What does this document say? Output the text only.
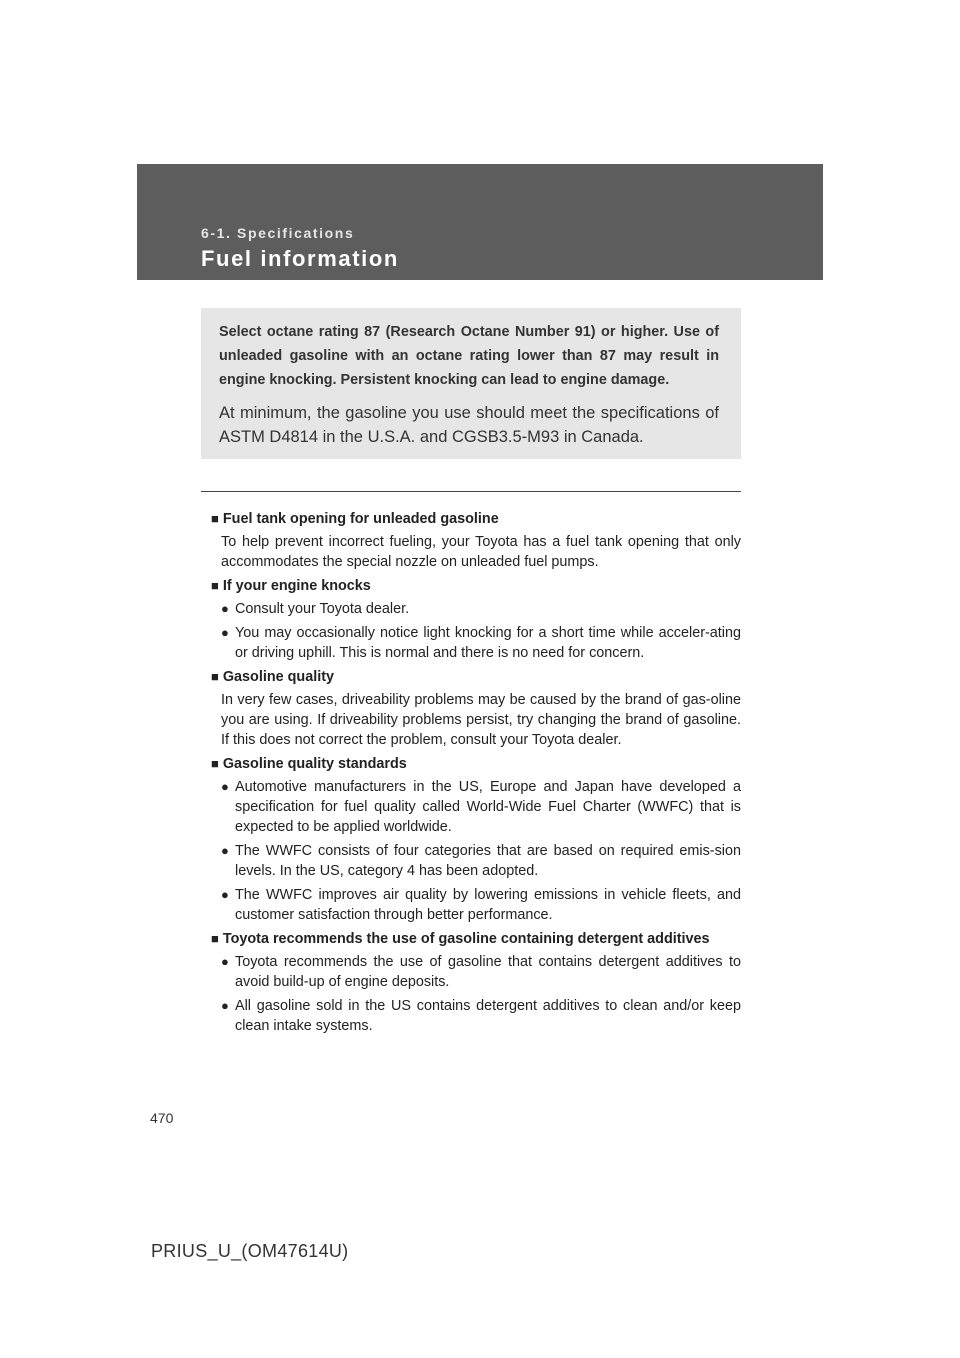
6-1. Specifications
Fuel information

Select octane rating 87 (Research Octane Number 91) or higher. Use of unleaded gasoline with an octane rating lower than 87 may result in engine knocking. Persistent knocking can lead to engine damage.

At minimum, the gasoline you use should meet the specifications of ASTM D4814 in the U.S.A. and CGSB3.5-M93 in Canada.

■ Fuel tank opening for unleaded gasoline

To help prevent incorrect fueling, your Toyota has a fuel tank opening that only accommodates the special nozzle on unleaded fuel pumps.

■ If your engine knocks
● Consult your Toyota dealer.
● You may occasionally notice light knocking for a short time while acceler-ating or driving uphill. This is normal and there is no need for concern.
■ Gasoline quality

In very few cases, driveability problems may be caused by the brand of gas-oline you are using. If driveability problems persist, try changing the brand of gasoline. If this does not correct the problem, consult your Toyota dealer.

■ Gasoline quality standards
● Automotive manufacturers in the US, Europe and Japan have developed a specification for fuel quality called World-Wide Fuel Charter (WWFC) that is expected to be applied worldwide.
● The WWFC consists of four categories that are based on required emis-sion levels. In the US, category 4 has been adopted.
● The WWFC improves air quality by lowering emissions in vehicle fleets, and customer satisfaction through better performance.
■ Toyota recommends the use of gasoline containing detergent additives
● Toyota recommends the use of gasoline that contains detergent additives to avoid build-up of engine deposits.
● All gasoline sold in the US contains detergent additives to clean and/or keep clean intake systems.
470
PRIUS_U_(OM47614U)
